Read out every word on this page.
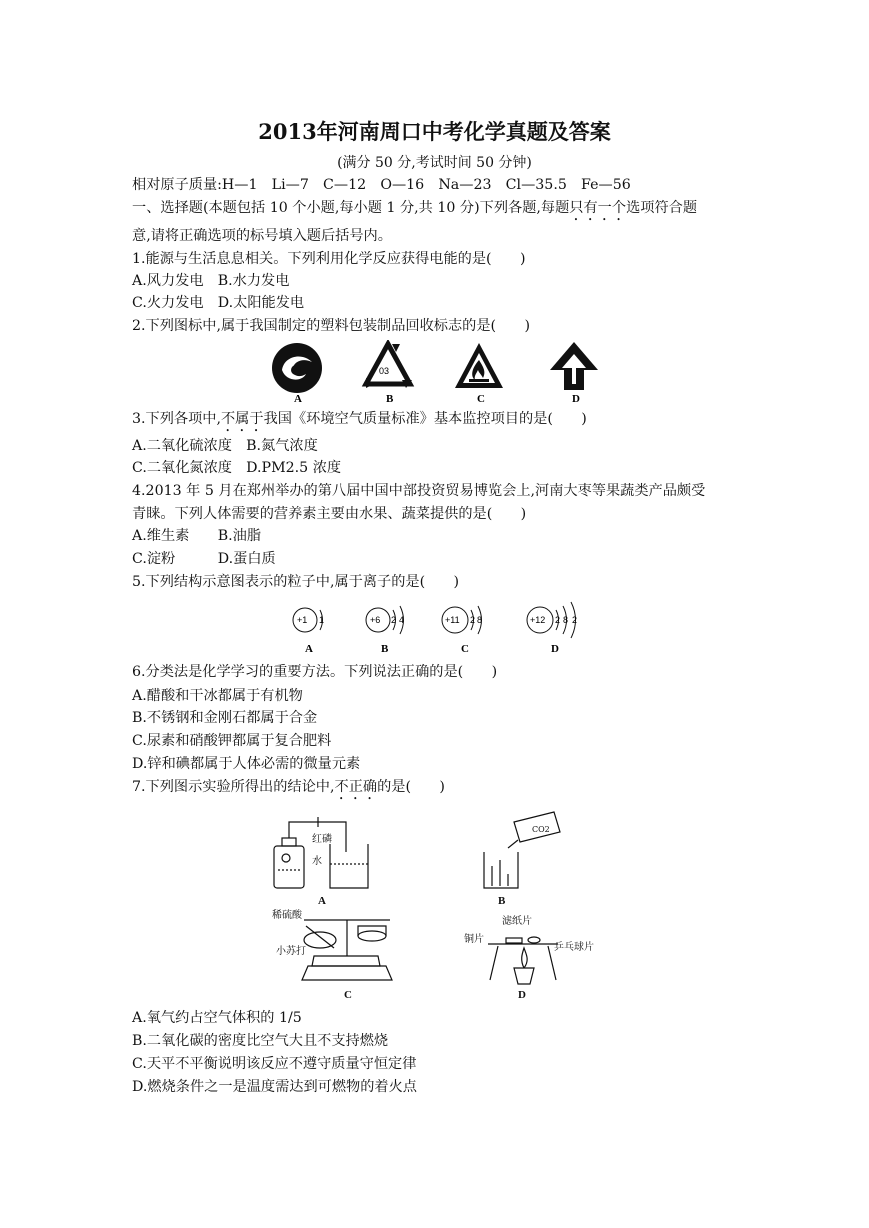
2013年河南周口中考化学真题及答案
(满分 50 分,考试时间 50 分钟)
相对原子质量:H—1　Li—7　C—12　O—16　Na—23　Cl—35.5　Fe—56
一、选择题(本题包括 10 个小题,每小题 1 分,共 10 分)下列各题,每题只有一个选项符合题
意,请将正确选项的标号填入题后括号内。
1.能源与生活息息相关。下列利用化学反应获得电能的是(　　)
A.风力发电　B.水力发电
C.火力发电　D.太阳能发电
2.下列图标中,属于我国制定的塑料包装制品回收标志的是(　　)
A
03
B	C	D
3.下列各项中,不属于我国《环境空气质量标准》基本监控项目的是(　　)
A.二氧化硫浓度　B.氮气浓度
C.二氧化氮浓度　D.PM2.5 浓度
4.2013 年 5 月在郑州举办的第八届中国中部投资贸易博览会上,河南大枣等果蔬类产品颇受
青睐。下列人体需要的营养素主要由水果、蔬菜提供的是(　　)
A.维生素　　B.油脂
C.淀粉　　　D.蛋白质
5.下列结构示意图表示的粒子中,属于离子的是(　　)
+1 1
A
+6 2 4
B
+11 2 8
C
+12 2 8 2
D
6.分类法是化学学习的重要方法。下列说法正确的是(　　)
A.醋酸和干冰都属于有机物
B.不锈钢和金刚石都属于合金
C.尿素和硝酸钾都属于复合肥料
D.锌和碘都属于人体必需的微量元素
7.下列图示实验所得出的结论中,不正确的是(　　)
红磷
水
A
CO2
B
稀硫酸
小苏打
C
滤纸片
铜片
乒乓球片
D
A.氧气约占空气体积的 1/5
B.二氧化碳的密度比空气大且不支持燃烧
C.天平不平衡说明该反应不遵守质量守恒定律
D.燃烧条件之一是温度需达到可燃物的着火点
